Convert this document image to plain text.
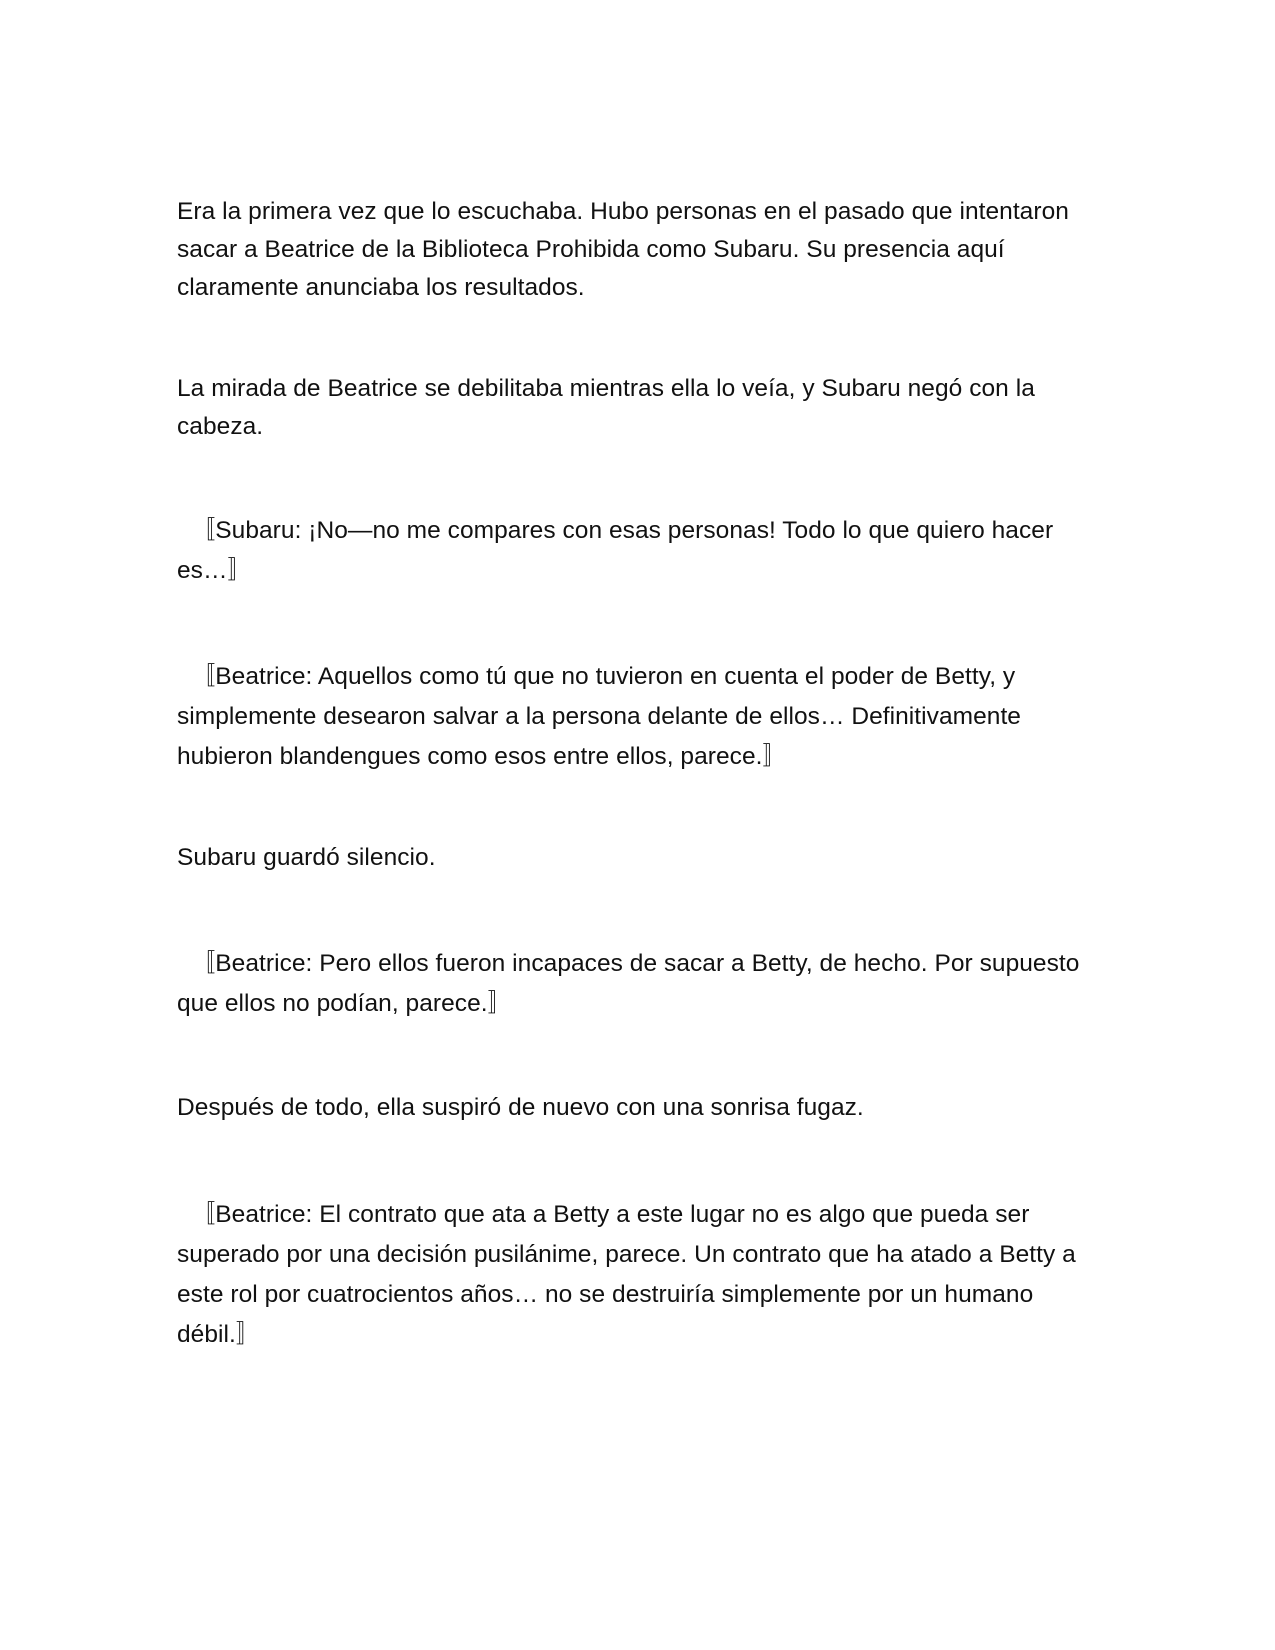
Era la primera vez que lo escuchaba. Hubo personas en el pasado que intentaron sacar a Beatrice de la Biblioteca Prohibida como Subaru. Su presencia aquí claramente anunciaba los resultados.

La mirada de Beatrice se debilitaba mientras ella lo veía, y Subaru negó con la cabeza.

〚Subaru: ¡No—no me compares con esas personas! Todo lo que quiero hacer es…〛

〚Beatrice: Aquellos como tú que no tuvieron en cuenta el poder de Betty, y simplemente desearon salvar a la persona delante de ellos… Definitivamente hubieron blandengues como esos entre ellos, parece.〛

Subaru guardó silencio.

〚Beatrice: Pero ellos fueron incapaces de sacar a Betty, de hecho. Por supuesto que ellos no podían, parece.〛

Después de todo, ella suspiró de nuevo con una sonrisa fugaz.

〚Beatrice: El contrato que ata a Betty a este lugar no es algo que pueda ser superado por una decisión pusilánime, parece. Un contrato que ha atado a Betty a este rol por cuatrocientos años… no se destruiría simplemente por un humano débil.〛
